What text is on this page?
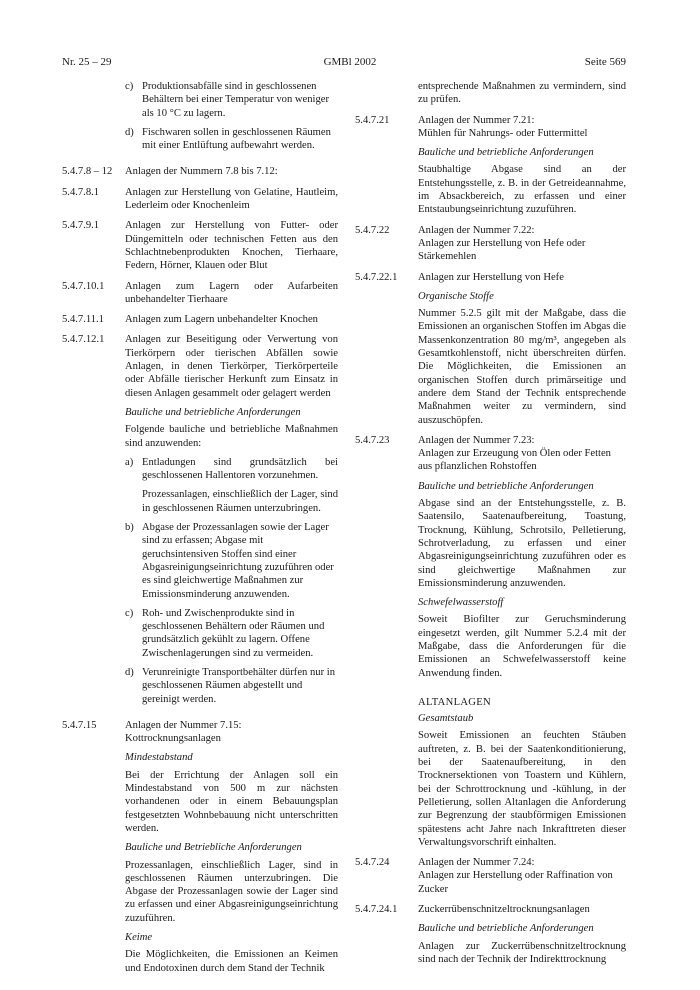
Nr. 25 – 29	GMBl 2002	Seite 569
c) Produktionsabfälle sind in geschlossenen Behältern bei einer Temperatur von weniger als 10 °C zu lagern.
d) Fischwaren sollen in geschlossenen Räumen mit einer Entlüftung aufbewahrt werden.
5.4.7.8 – 12	Anlagen der Nummern 7.8 bis 7.12:

5.4.7.8.1	Anlagen zur Herstellung von Gelatine, Hautleim, Lederleim oder Knochenleim

5.4.7.9.1	Anlagen zur Herstellung von Futter- oder Düngemitteln oder technischen Fetten aus den Schlachtnebenprodukten Knochen, Tierhaare, Federn, Hörner, Klauen oder Blut

5.4.7.10.1	Anlagen zum Lagern oder Aufarbeiten unbehandelter Tierhaare

5.4.7.11.1	Anlagen zum Lagern unbehandelter Knochen

5.4.7.12.1	Anlagen zur Beseitigung oder Verwertung von Tierkörpern oder tierischen Abfällen sowie Anlagen, in denen Tierkörper, Tierkörperteile oder Abfälle tierischer Herkunft zum Einsatz in diesen Anlagen gesammelt oder gelagert werden

Bauliche und betriebliche Anforderungen

Folgende bauliche und betriebliche Maßnahmen sind anzuwenden:

a) Entladungen sind grundsätzlich bei geschlossenen Hallentoren vorzunehmen.

Prozessanlagen, einschließlich der Lager, sind in geschlossenen Räumen unterzubringen.

b) Abgase der Prozessanlagen sowie der Lager sind zu erfassen; Abgase mit geruchsintensiven Stoffen sind einer Abgasreinigungseinrichtung zuzuführen oder es sind gleichwertige Maßnahmen zur Emissionsminderung anzuwenden.
c) Roh- und Zwischenprodukte sind in geschlossenen Behältern oder Räumen und grundsätzlich gekühlt zu lagern. Offene Zwischenlagerungen sind zu vermeiden.
d) Verunreinigte Transportbehälter dürfen nur in geschlossenen Räumen abgestellt und gereinigt werden.
5.4.7.15	Anlagen der Nummer 7.15:
Kottrocknungsanlagen

Mindestabstand

Bei der Errichtung der Anlagen soll ein Mindestabstand von 500 m zur nächsten vorhandenen oder in einem Bebauungsplan festgesetzten Wohnbebauung nicht unterschritten werden.

Bauliche und Betriebliche Anforderungen

Prozessanlagen, einschließlich Lager, sind in geschlossenen Räumen unterzubringen. Die Abgase der Prozessanlagen sowie der Lager sind zu erfassen und einer Abgasreinigungseinrichtung zuzuführen.

Keime

Die Möglichkeiten, die Emissionen an Keimen und Endotoxinen durch dem Stand der Technik

entsprechende Maßnahmen zu vermindern, sind zu prüfen.

5.4.7.21	Anlagen der Nummer 7.21:
Mühlen für Nahrungs- oder Futtermittel

Bauliche und betriebliche Anforderungen

Staubhaltige Abgase sind an der Entstehungsstelle, z. B. in der Getreideannahme, im Absackbereich, zu erfassen und einer Entstaubungseinrichtung zuzuführen.

5.4.7.22	Anlagen der Nummer 7.22:
Anlagen zur Herstellung von Hefe oder Stärkemehlen
5.4.7.22.1	Anlagen zur Herstellung von Hefe

Organische Stoffe

Nummer 5.2.5 gilt mit der Maßgabe, dass die Emissionen an organischen Stoffen im Abgas die Massenkonzentration 80 mg/m³, angegeben als Gesamtkohlenstoff, nicht überschreiten dürfen. Die Möglichkeiten, die Emissionen an organischen Stoffen durch primärseitige und andere dem Stand der Technik entsprechende Maßnahmen weiter zu vermindern, sind auszuschöpfen.

5.4.7.23	Anlagen der Nummer 7.23:
Anlagen zur Erzeugung von Ölen oder Fetten aus pflanzlichen Rohstoffen

Bauliche und betriebliche Anforderungen

Abgase sind an der Entstehungsstelle, z. B. Saatensilo, Saatenaufbereitung, Toastung, Trocknung, Kühlung, Schrotsilo, Pelletierung, Schrotverladung, zu erfassen und einer Abgasreinigungseinrichtung zuzuführen oder es sind gleichwertige Maßnahmen zur Emissionsminderung anzuwenden.

Schwefelwasserstoff

Soweit Biofilter zur Geruchsminderung eingesetzt werden, gilt Nummer 5.2.4 mit der Maßgabe, dass die Anforderungen für die Emissionen an Schwefelwasserstoff keine Anwendung finden.

ALTANLAGEN

Gesamtstaub

Soweit Emissionen an feuchten Stäuben auftreten, z. B. bei der Saatenkonditionierung, bei der Saatenaufbereitung, in den Trocknersektionen von Toastern und Kühlern, bei der Schrottrocknung und -kühlung, in der Pelletierung, sollen Altanlagen die Anforderung zur Begrenzung der staubförmigen Emissionen spätestens acht Jahre nach Inkrafttreten dieser Verwaltungsvorschrift einhalten.

5.4.7.24	Anlagen der Nummer 7.24:
Anlagen zur Herstellung oder Raffination von Zucker
5.4.7.24.1	Zuckerrübenschnitzeltrocknungsanlagen

Bauliche und betriebliche Anforderungen

Anlagen zur Zuckerrübenschnitzeltrocknung sind nach der Technik der Indirekttrocknung
